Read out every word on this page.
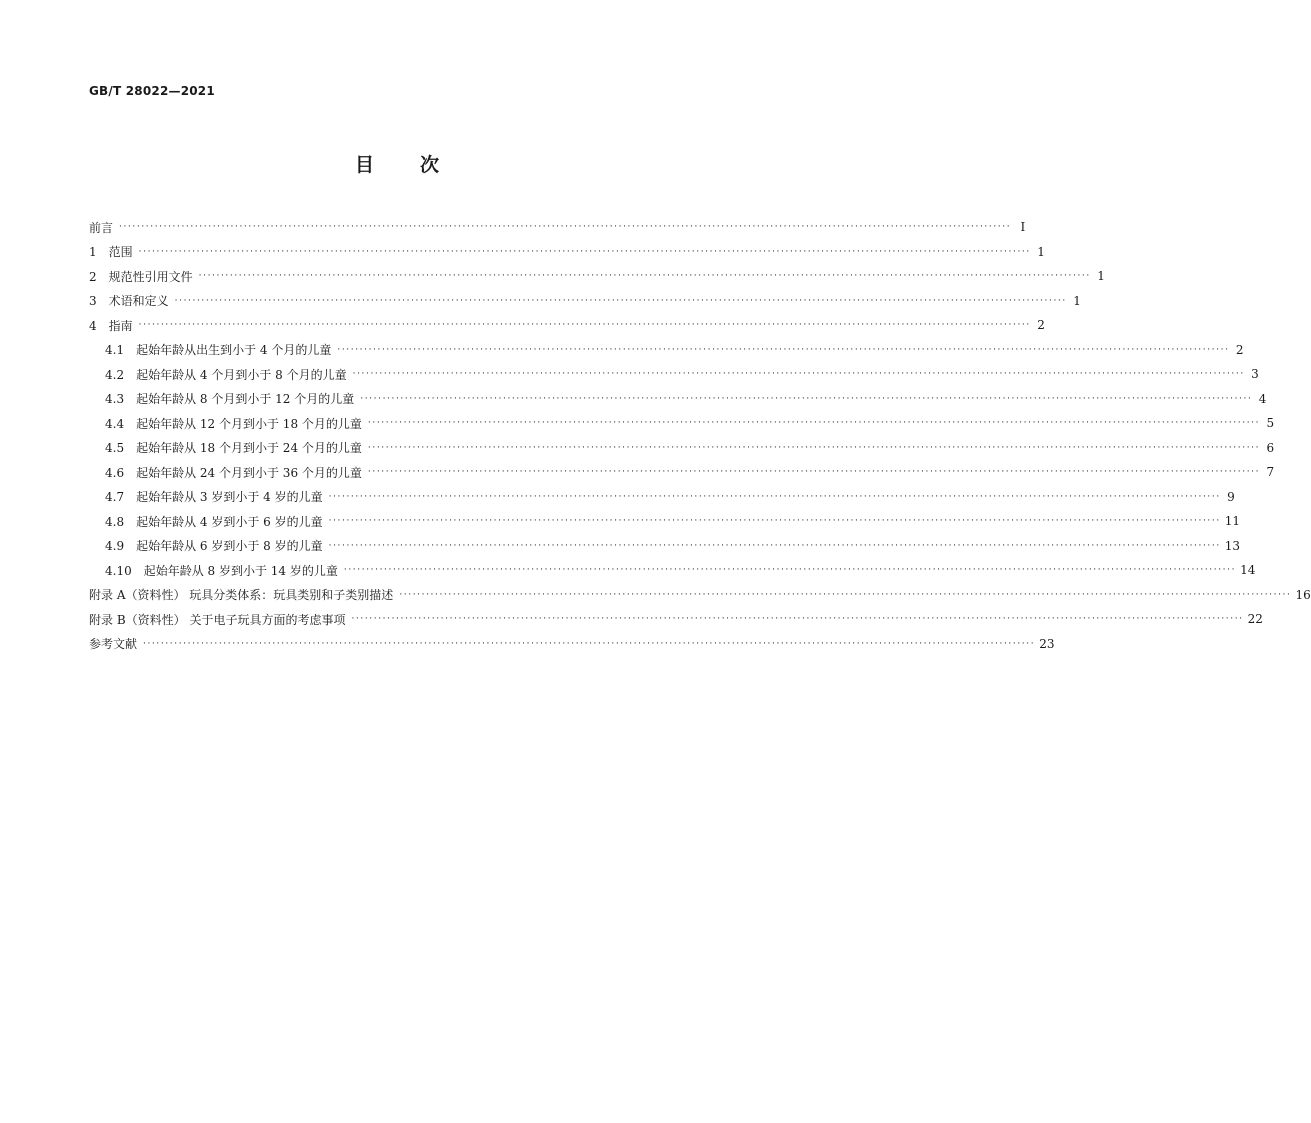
GB/T 28022—2021
目 次
前言 ········································································································································································································ Ⅰ
1 范围 ········································································································································································································ 1
2 规范性引用文件 ········································································································································································································ 1
3 术语和定义 ········································································································································································································ 1
4 指南 ········································································································································································································ 2
4.1 起始年龄从出生到小于 4 个月的儿童 ········································································································································································································ 2
4.2 起始年龄从 4 个月到小于 8 个月的儿童 ········································································································································································································ 3
4.3 起始年龄从 8 个月到小于 12 个月的儿童 ········································································································································································································ 4
4.4 起始年龄从 12 个月到小于 18 个月的儿童 ········································································································································································································ 5
4.5 起始年龄从 18 个月到小于 24 个月的儿童 ········································································································································································································ 6
4.6 起始年龄从 24 个月到小于 36 个月的儿童 ········································································································································································································ 7
4.7 起始年龄从 3 岁到小于 4 岁的儿童 ········································································································································································································ 9
4.8 起始年龄从 4 岁到小于 6 岁的儿童 ········································································································································································································ 11
4.9 起始年龄从 6 岁到小于 8 岁的儿童 ········································································································································································································ 13
4.10 起始年龄从 8 岁到小于 14 岁的儿童 ········································································································································································································ 14
附录 A（资料性） 玩具分类体系：玩具类别和子类别描述 ········································································································································································································ 16
附录 B（资料性） 关于电子玩具方面的考虑事项 ········································································································································································································ 22
参考文献 ········································································································································································································ 23
